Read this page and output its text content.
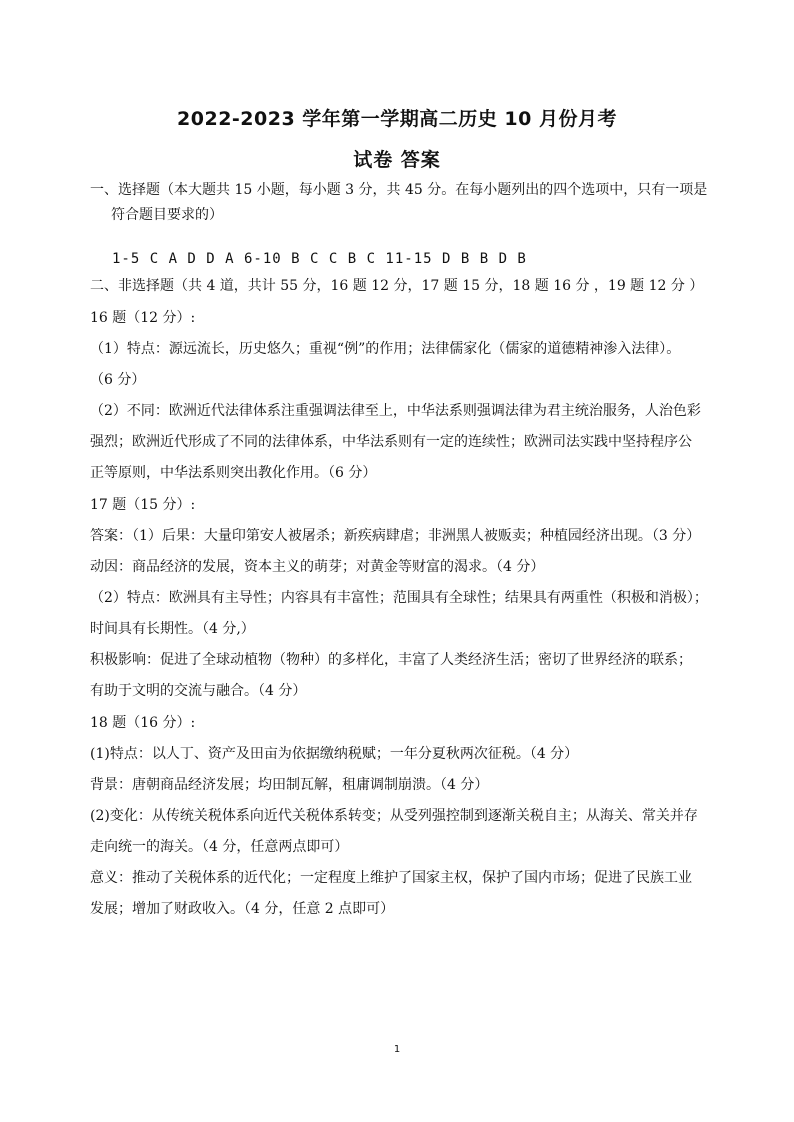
2022-2023 学年第一学期高二历史 10 月份月考
试卷 答案
一、选择题（本大题共 15 小题，每小题 3 分，共 45 分。在每小题列出的四个选项中，只有一项是
符合题目要求的）
1-5 C A D D A 6-10 B C C B C 11-15 D B B D B
二、非选择题（共 4 道，共计 55 分，16 题 12 分，17 题 15 分，18 题 16 分 ，19 题 12 分 ）
16 题（12 分）:
（1）特点：源远流长，历史悠久；重视“例”的作用；法律儒家化（儒家的道德精神渗入法律）。
（6 分）
（2）不同：欧洲近代法律体系注重强调法律至上，中华法系则强调法律为君主统治服务，人治色彩
强烈；欧洲近代形成了不同的法律体系，中华法系则有一定的连续性；欧洲司法实践中坚持程序公
正等原则，中华法系则突出教化作用。（6 分）
17 题（15 分）:
答案：（1）后果：大量印第安人被屠杀；新疾病肆虐；非洲黑人被贩卖；种植园经济出现。（3 分）
动因：商品经济的发展，资本主义的萌芽；对黄金等财富的渴求。（4 分）
（2）特点：欧洲具有主导性；内容具有丰富性；范围具有全球性；结果具有两重性（积极和消极）；
时间具有长期性。（4 分,）
积极影响：促进了全球动植物（物种）的多样化，丰富了人类经济生活；密切了世界经济的联系；
有助于文明的交流与融合。（4 分）
18 题（16 分）:
(1)特点：以人丁、资产及田亩为依据缴纳税赋；一年分夏秋两次征税。（4 分）
背景：唐朝商品经济发展；均田制瓦解，租庸调制崩溃。（4 分）
(2)变化：从传统关税体系向近代关税体系转变；从受列强控制到逐渐关税自主；从海关、常关并存
走向统一的海关。（4 分，任意两点即可）
意义：推动了关税体系的近代化；一定程度上维护了国家主权，保护了国内市场；促进了民族工业
发展；增加了财政收入。（4 分，任意 2 点即可）
1
